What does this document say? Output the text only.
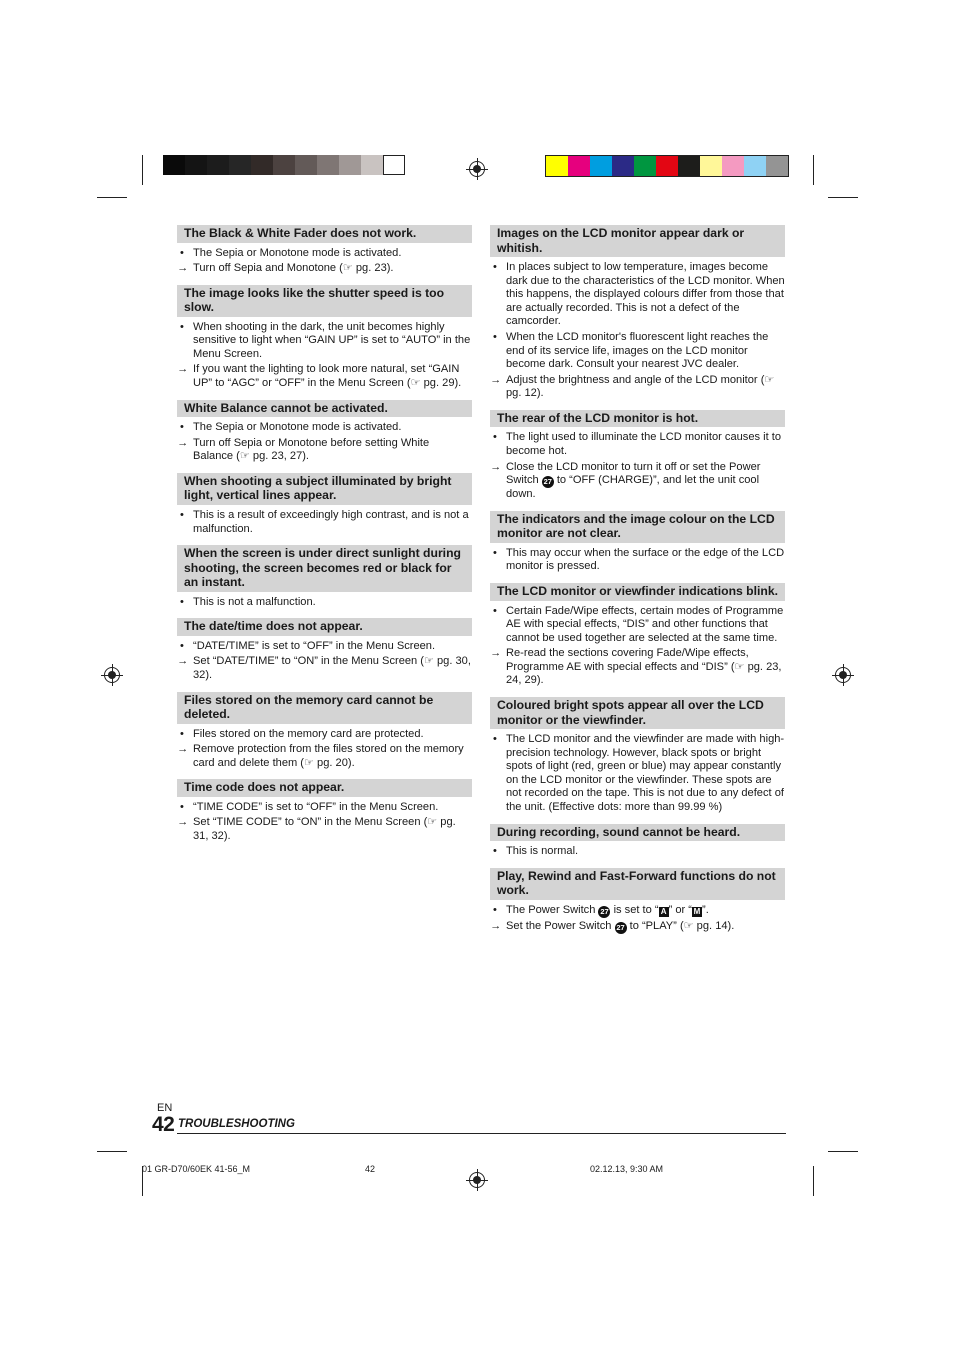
The Black & White Fader does not work.
• The Sepia or Monotone mode is activated.
→ Turn off Sepia and Monotone (☞ pg. 23).
The image looks like the shutter speed is too slow.
• When shooting in the dark, the unit becomes highly sensitive to light when “GAIN UP” is set to “AUTO” in the Menu Screen.
→ If you want the lighting to look more natural, set “GAIN UP” to “AGC” or “OFF” in the Menu Screen (☞ pg. 29).
White Balance cannot be activated.
• The Sepia or Monotone mode is activated.
→ Turn off Sepia or Monotone before setting White Balance (☞ pg. 23, 27).
When shooting a subject illuminated by bright light, vertical lines appear.
• This is a result of exceedingly high contrast, and is not a malfunction.
When the screen is under direct sunlight during shooting, the screen becomes red or black for an instant.
• This is not a malfunction.
The date/time does not appear.
• “DATE/TIME” is set to “OFF” in the Menu Screen.
→ Set “DATE/TIME” to “ON” in the Menu Screen (☞ pg. 30, 32).
Files stored on the memory card cannot be deleted.
• Files stored on the memory card are protected.
→ Remove protection from the files stored on the memory card and delete them (☞ pg. 20).
Time code does not appear.
• “TIME CODE” is set to “OFF” in the Menu Screen.
→ Set “TIME CODE” to “ON” in the Menu Screen (☞ pg. 31, 32).
Images on the LCD monitor appear dark or whitish.
• In places subject to low temperature, images become dark due to the characteristics of the LCD monitor. When this happens, the displayed colours differ from those that are actually recorded. This is not a defect of the camcorder.
• When the LCD monitor's fluorescent light reaches the end of its service life, images on the LCD monitor become dark. Consult your nearest JVC dealer.
→ Adjust the brightness and angle of the LCD monitor (☞ pg. 12).
The rear of the LCD monitor is hot.
• The light used to illuminate the LCD monitor causes it to become hot.
→ Close the LCD monitor to turn it off or set the Power Switch 27 to “OFF (CHARGE)”, and let the unit cool down.
The indicators and the image colour on the LCD monitor are not clear.
• This may occur when the surface or the edge of the LCD monitor is pressed.
The LCD monitor or viewfinder indications blink.
• Certain Fade/Wipe effects, certain modes of Programme AE with special effects, “DIS” and other functions that cannot be used together are selected at the same time.
→ Re-read the sections covering Fade/Wipe effects, Programme AE with special effects and “DIS” (☞ pg. 23, 24, 29).
Coloured bright spots appear all over the LCD monitor or the viewfinder.
• The LCD monitor and the viewfinder are made with high-precision technology. However, black spots or bright spots of light (red, green or blue) may appear constantly on the LCD monitor or the viewfinder. These spots are not recorded on the tape. This is not due to any defect of the unit. (Effective dots: more than 99.99 %)
During recording, sound cannot be heard.
• This is normal.
Play, Rewind and Fast-Forward functions do not work.
• The Power Switch 27 is set to “ A ” or “ M ”.
→ Set the Power Switch 27 to “PLAY” (☞ pg. 14).
EN
42 TROUBLESHOOTING
01 GR-D70/60EK 41-56_M	42	02.12.13, 9:30 AM
